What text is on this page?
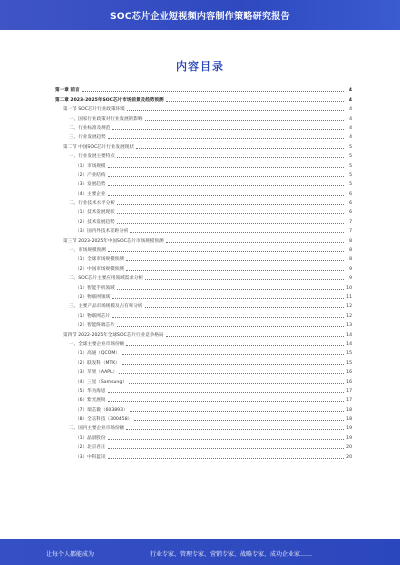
SOC芯片企业短视频内容制作策略研究报告
内容目录
第一章 前言	4
第二章 2023-2025年SOC芯片市场前景及趋势预测	4
第一节 SOC芯片行业政策环境	4
一、国家行业政策对行业发展的影响	4
二、行业标准及规范	4
三、行业发展趋势	4
第二节 中国SOC芯片行业发展现状	5
一、行业发展主要特点	5
（1）市场规模	5
（2）产业结构	5
（3）发展趋势	5
（4）主要企业	6
二、行业技术水平分析	6
（1）技术发展现状	6
（2）技术发展趋势	7
（3）国内外技术差距分析	7
第三节 2023-2025年中国SOC芯片市场规模预测	8
一、市场规模预测	8
（1）全球市场规模预测	8
（2）中国市场规模预测	9
二、SOC芯片主要应用领域需求分析	9
（1）智能手机领域	10
（2）物联网领域	11
三、主要产品市场规模及占有率分析	12
（1）物联网芯片	12
（2）智能终端芯片	13
第四节 2022-2025年全球SOC芯片行业竞争格局	14
一、全球主要企业市场份额	14
（1）高通（QCOM）	15
（2）联发科（MTK）	15
（3）苹果（AAPL）	16
（4）三星（Samsung）	16
（5）华为海思	17
（6）紫光展锐	17
（7）瑞芯微（603893）	18
（8）全志科技（300458）	18
二、国内主要企业市场份额	19
（1）晶晨股份	19
（2）北京君正	20
（3）中科蓝讯	20
让每个人都能成为	行业专家、管理专家、营销专家、战略专家、成功企业家……
